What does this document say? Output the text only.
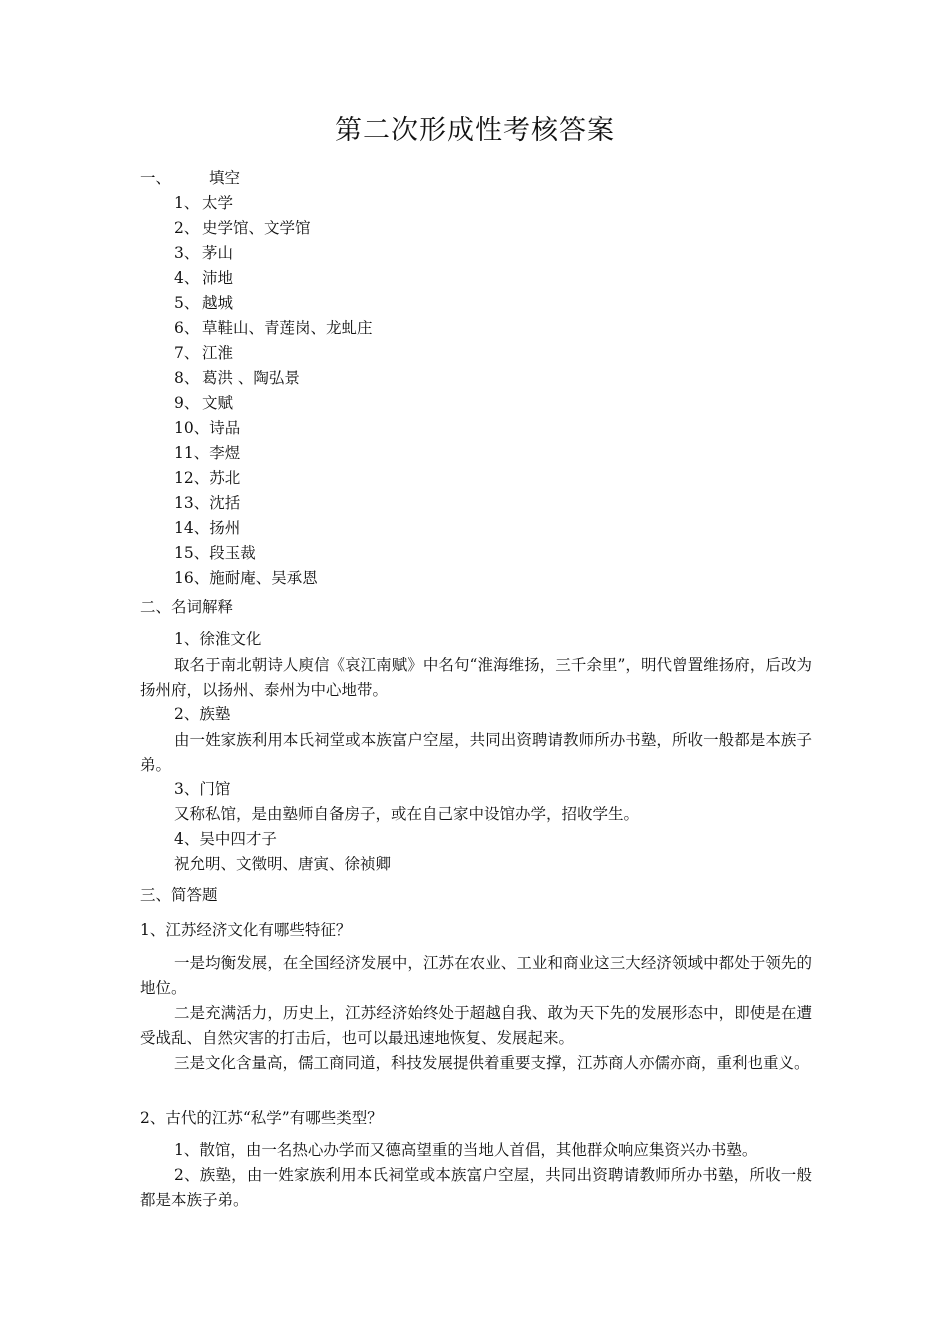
第二次形成性考核答案
一、 填空
1、 太学
2、 史学馆、文学馆
3、 茅山
4、 沛地
5、 越城
6、 草鞋山、青莲岗、龙虬庄
7、 江淮
8、 葛洪 、陶弘景
9、 文赋
10、诗品
11、李煜
12、苏北
13、沈括
14、扬州
15、段玉裁
16、施耐庵、吴承恩
二、名词解释
1、徐淮文化
取名于南北朝诗人庾信《哀江南赋》中名句“淮海维扬，三千余里”，明代曾置维扬府，后改为扬州府，以扬州、泰州为中心地带。
2、族塾
由一姓家族利用本氏祠堂或本族富户空屋，共同出资聘请教师所办书塾，所收一般都是本族子弟。
3、门馆
又称私馆，是由塾师自备房子，或在自己家中设馆办学，招收学生。
4、吴中四才子
祝允明、文徵明、唐寅、徐祯卿
三、简答题
1、江苏经济文化有哪些特征？
一是均衡发展，在全国经济发展中，江苏在农业、工业和商业这三大经济领域中都处于领先的地位。
二是充满活力，历史上，江苏经济始终处于超越自我、敢为天下先的发展形态中，即使是在遭受战乱、自然灾害的打击后，也可以最迅速地恢复、发展起来。
三是文化含量高，儒工商同道，科技发展提供着重要支撑，江苏商人亦儒亦商，重利也重义。
2、古代的江苏“私学”有哪些类型？
1、散馆，由一名热心办学而又德高望重的当地人首倡，其他群众响应集资兴办书塾。
2、族塾，由一姓家族利用本氏祠堂或本族富户空屋，共同出资聘请教师所办书塾，所收一般都是本族子弟。
